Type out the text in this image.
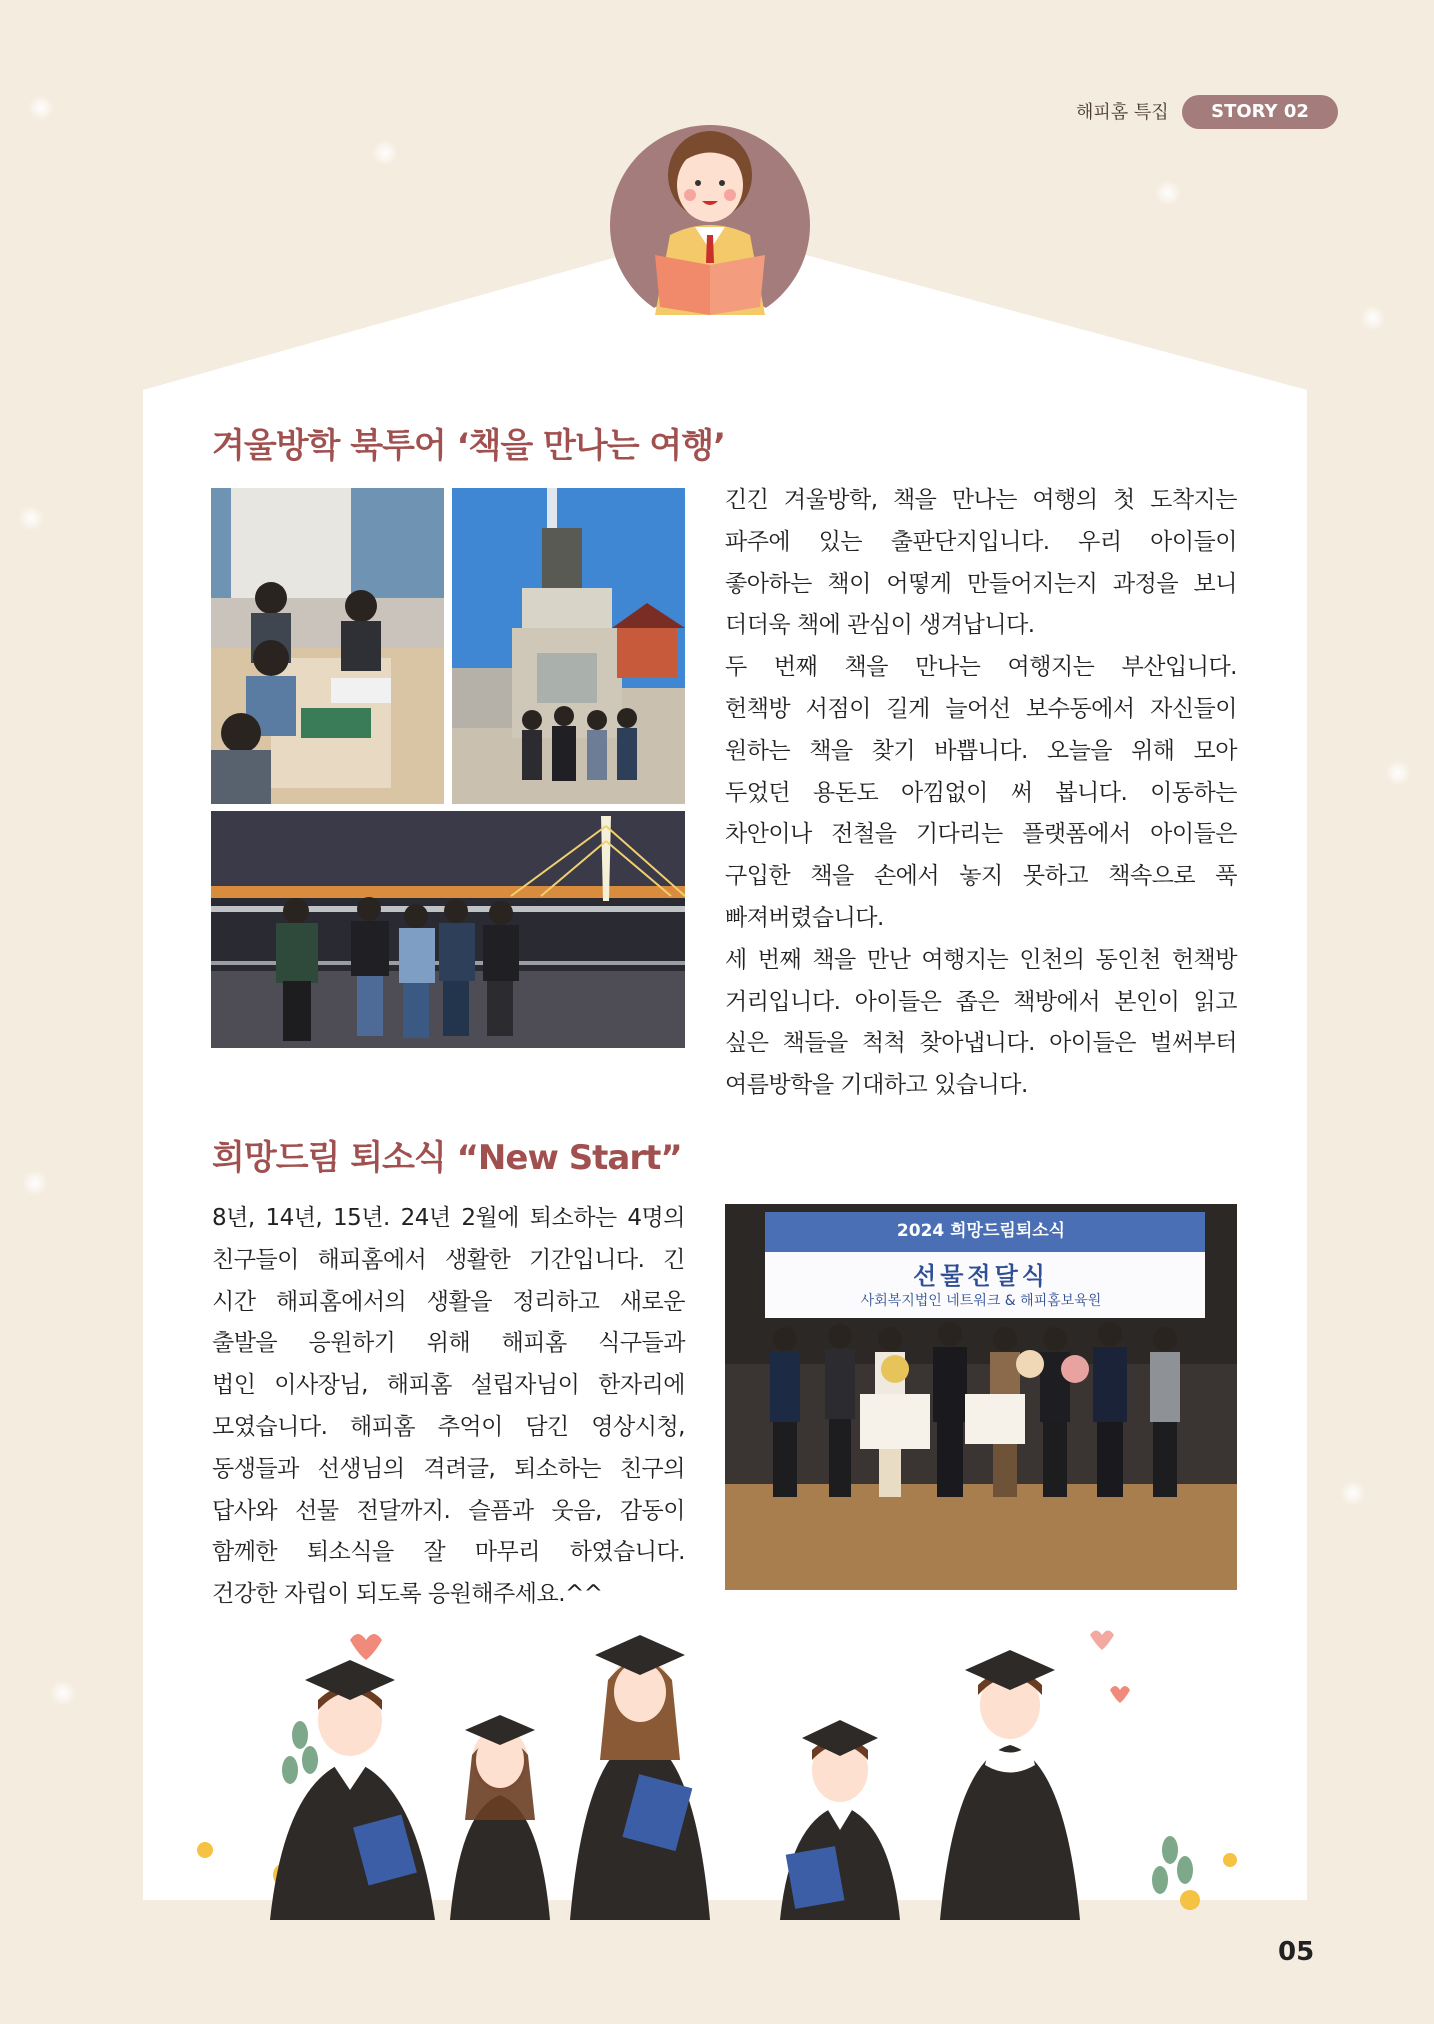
해피홈 특집	STORY 02
겨울방학 북투어 ‘책을 만나는 여행’
긴긴 겨울방학, 책을 만나는 여행의 첫 도착지는
파주에 있는 출판단지입니다. 우리 아이들이
좋아하는 책이 어떻게 만들어지는지 과정을 보니
더더욱 책에 관심이 생겨납니다.
두 번째 책을 만나는 여행지는 부산입니다.
헌책방 서점이 길게 늘어선 보수동에서 자신들이
원하는 책을 찾기 바쁩니다. 오늘을 위해 모아
두었던 용돈도 아낌없이 써 봅니다. 이동하는
차안이나 전철을 기다리는 플랫폼에서 아이들은
구입한 책을 손에서 놓지 못하고 책속으로 푹
빠져버렸습니다.
세 번째 책을 만난 여행지는 인천의 동인천 헌책방
거리입니다. 아이들은 좁은 책방에서 본인이 읽고
싶은 책들을 척척 찾아냅니다. 아이들은 벌써부터
여름방학을 기대하고 있습니다.
희망드림 퇴소식 “New Start”
8년, 14년, 15년. 24년 2월에 퇴소하는 4명의
친구들이 해피홈에서 생활한 기간입니다. 긴
시간 해피홈에서의 생활을 정리하고 새로운
출발을 응원하기 위해 해피홈 식구들과
법인 이사장님, 해피홈 설립자님이 한자리에
모였습니다. 해피홈 추억이 담긴 영상시청,
동생들과 선생님의 격려글, 퇴소하는 친구의
답사와 선물 전달까지. 슬픔과 웃음, 감동이
함께한 퇴소식을 잘 마무리 하였습니다.
건강한 자립이 되도록 응원해주세요.^^
2024 희망드림퇴소식
선물전달식
사회복지법인 네트워크 & 해피홈보육원
05
